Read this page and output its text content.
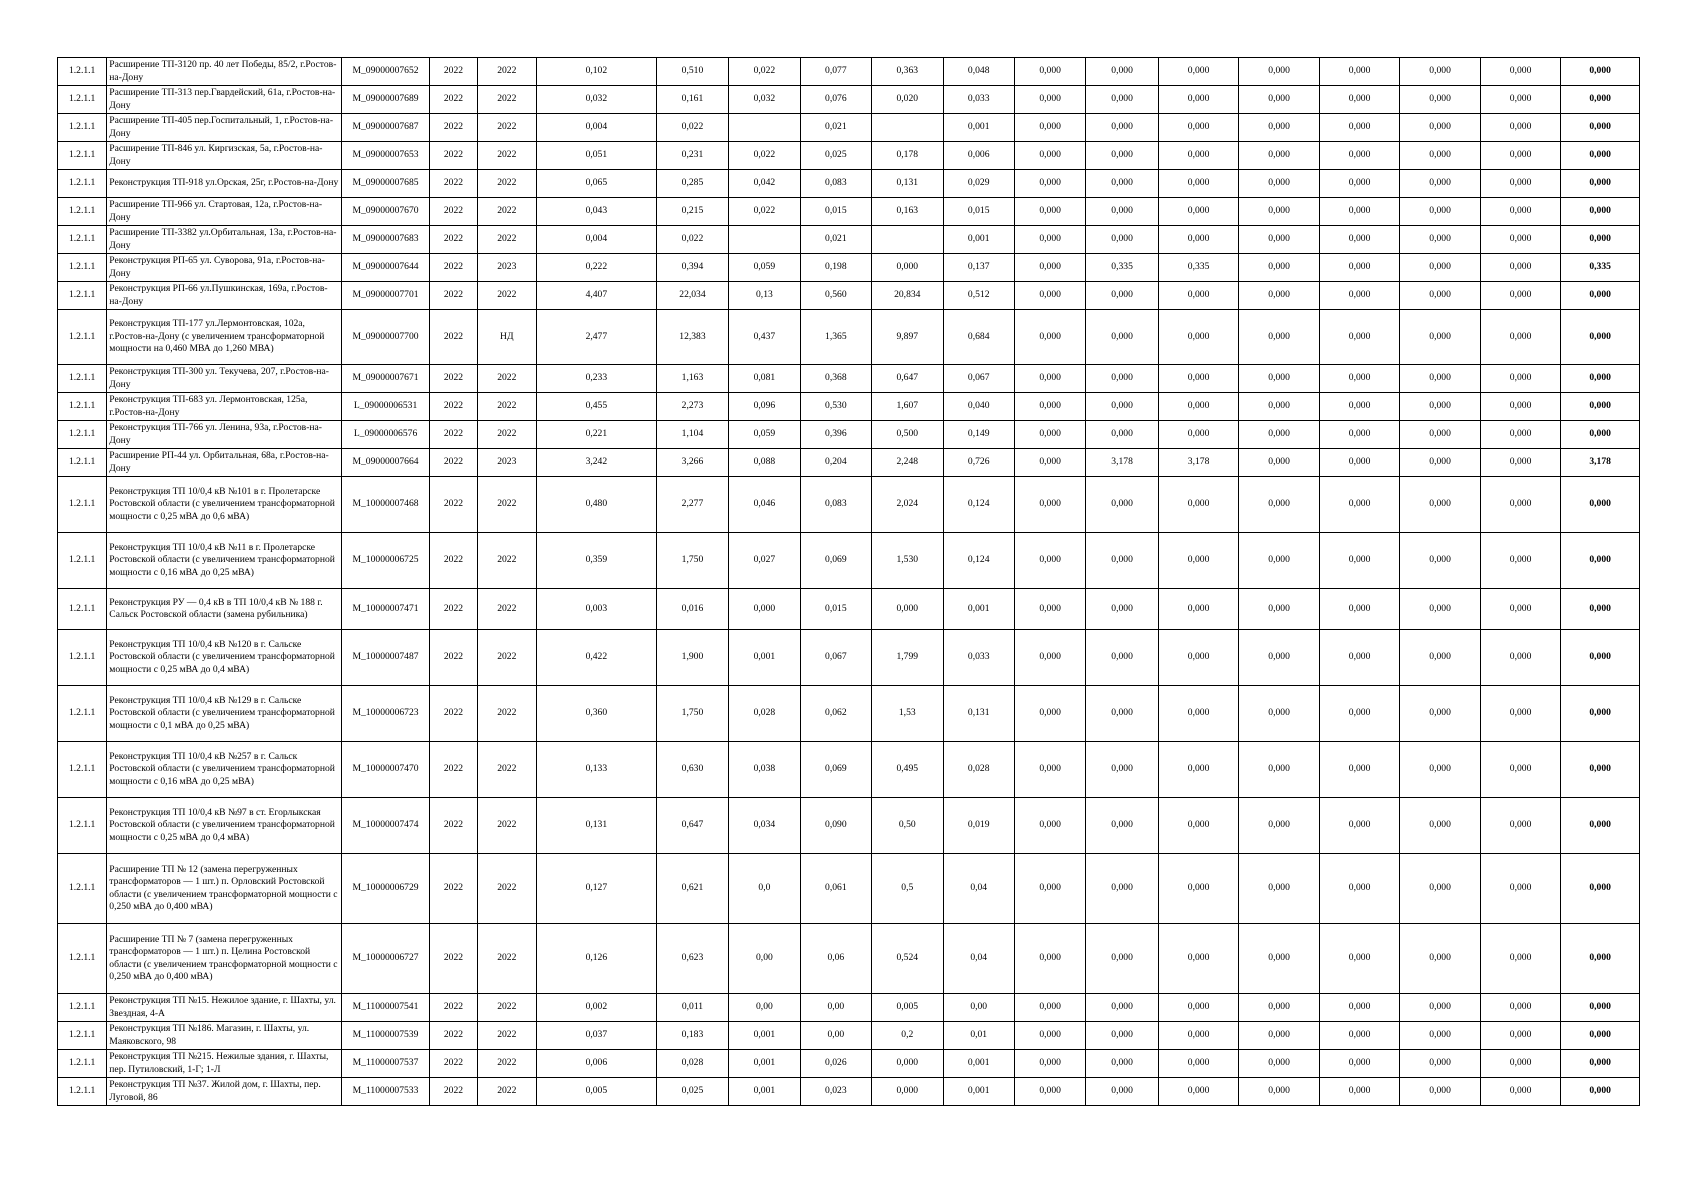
1.2.1.1	Расширение ТП-3120 пр. 40 лет Победы, 85/2, г.Ростов-на-Дону	M_09000007652	2022	2022	0,102	0,510	0,022	0,077	0,363	0,048	0,000	0,000	0,000	0,000	0,000	0,000	0,000	0,000
1.2.1.1	Расширение ТП-313 пер.Гвардейский, 61а, г.Ростов-на-Дону	M_09000007689	2022	2022	0,032	0,161	0,032	0,076	0,020	0,033	0,000	0,000	0,000	0,000	0,000	0,000	0,000	0,000
1.2.1.1	Расширение ТП-405 пер.Госпитальный, 1, г.Ростов-на-Дону	M_09000007687	2022	2022	0,004	0,022		0,021		0,001	0,000	0,000	0,000	0,000	0,000	0,000	0,000	0,000
1.2.1.1	Расширение ТП-846 ул. Киргизская, 5а, г.Ростов-на-Дону	M_09000007653	2022	2022	0,051	0,231	0,022	0,025	0,178	0,006	0,000	0,000	0,000	0,000	0,000	0,000	0,000	0,000
1.2.1.1	Реконструкция ТП-918 ул.Орская, 25г, г.Ростов-на-Дону	M_09000007685	2022	2022	0,065	0,285	0,042	0,083	0,131	0,029	0,000	0,000	0,000	0,000	0,000	0,000	0,000	0,000
1.2.1.1	Расширение ТП-966 ул. Стартовая, 12а, г.Ростов-на-Дону	M_09000007670	2022	2022	0,043	0,215	0,022	0,015	0,163	0,015	0,000	0,000	0,000	0,000	0,000	0,000	0,000	0,000
1.2.1.1	Расширение ТП-3382 ул.Орбитальная, 13а, г.Ростов-на-Дону	M_09000007683	2022	2022	0,004	0,022		0,021		0,001	0,000	0,000	0,000	0,000	0,000	0,000	0,000	0,000
1.2.1.1	Реконструкция РП-65 ул. Суворова, 91а, г.Ростов-на-Дону	M_09000007644	2022	2023	0,222	0,394	0,059	0,198	0,000	0,137	0,000	0,335	0,335	0,000	0,000	0,000	0,000	0,335
1.2.1.1	Реконструкция РП-66 ул.Пушкинская, 169а, г.Ростов-на-Дону	M_09000007701	2022	2022	4,407	22,034	0,13	0,560	20,834	0,512	0,000	0,000	0,000	0,000	0,000	0,000	0,000	0,000
1.2.1.1	Реконструкция ТП-177 ул.Лермонтовская, 102а, г.Ростов-на-Дону (с увеличением трансформаторной мощности на 0,460 МВА до 1,260 МВА)	M_09000007700	2022	НД	2,477	12,383	0,437	1,365	9,897	0,684	0,000	0,000	0,000	0,000	0,000	0,000	0,000	0,000
1.2.1.1	Реконструкция ТП-300 ул. Текучева, 207, г.Ростов-на-Дону	M_09000007671	2022	2022	0,233	1,163	0,081	0,368	0,647	0,067	0,000	0,000	0,000	0,000	0,000	0,000	0,000	0,000
1.2.1.1	Реконструкция ТП-683 ул. Лермонтовская, 125а, г.Ростов-на-Дону	L_09000006531	2022	2022	0,455	2,273	0,096	0,530	1,607	0,040	0,000	0,000	0,000	0,000	0,000	0,000	0,000	0,000
1.2.1.1	Реконструкция ТП-766 ул. Ленина, 93а, г.Ростов-на-Дону	L_09000006576	2022	2022	0,221	1,104	0,059	0,396	0,500	0,149	0,000	0,000	0,000	0,000	0,000	0,000	0,000	0,000
1.2.1.1	Расширение РП-44 ул. Орбитальная, 68а, г.Ростов-на-Дону	M_09000007664	2022	2023	3,242	3,266	0,088	0,204	2,248	0,726	0,000	3,178	3,178	0,000	0,000	0,000	0,000	3,178
1.2.1.1	Реконструкция ТП 10/0,4 кВ №101 в г. Пролетарске Ростовской области (с увеличением трансформаторной мощности с 0,25 мВА до 0,6 мВА)	M_10000007468	2022	2022	0,480	2,277	0,046	0,083	2,024	0,124	0,000	0,000	0,000	0,000	0,000	0,000	0,000	0,000
1.2.1.1	Реконструкция ТП 10/0,4 кВ №11 в г. Пролетарске Ростовской области (с увеличением трансформаторной мощности с 0,16 мВА до 0,25 мВА)	M_10000006725	2022	2022	0,359	1,750	0,027	0,069	1,530	0,124	0,000	0,000	0,000	0,000	0,000	0,000	0,000	0,000
1.2.1.1	Реконструкция РУ — 0,4 кВ в ТП 10/0,4 кВ № 188 г. Сальск Ростовской области (замена рубильника)	M_10000007471	2022	2022	0,003	0,016	0,000	0,015	0,000	0,001	0,000	0,000	0,000	0,000	0,000	0,000	0,000	0,000
1.2.1.1	Реконструкция ТП 10/0,4 кВ №120 в г. Сальске Ростовской области (с увеличением трансформаторной мощности с 0,25 мВА до 0,4 мВА)	M_10000007487	2022	2022	0,422	1,900	0,001	0,067	1,799	0,033	0,000	0,000	0,000	0,000	0,000	0,000	0,000	0,000
1.2.1.1	Реконструкция ТП 10/0,4 кВ №129 в г. Сальске Ростовской области (с увеличением трансформаторной мощности с 0,1 мВА до 0,25 мВА)	M_10000006723	2022	2022	0,360	1,750	0,028	0,062	1,53	0,131	0,000	0,000	0,000	0,000	0,000	0,000	0,000	0,000
1.2.1.1	Реконструкция ТП 10/0,4 кВ №257 в г. Сальск Ростовской области (с увеличением трансформаторной мощности с 0,16 мВА до 0,25 мВА)	M_10000007470	2022	2022	0,133	0,630	0,038	0,069	0,495	0,028	0,000	0,000	0,000	0,000	0,000	0,000	0,000	0,000
1.2.1.1	Реконструкция ТП 10/0,4 кВ №97 в ст. Егорлыкская Ростовской области (с увеличением трансформаторной мощности с 0,25 мВА до 0,4 мВА)	M_10000007474	2022	2022	0,131	0,647	0,034	0,090	0,50	0,019	0,000	0,000	0,000	0,000	0,000	0,000	0,000	0,000
1.2.1.1	Расширение ТП № 12 (замена перегруженных трансформаторов — 1 шт.) п. Орловский Ростовской области (с увеличением трансформаторной мощности с 0,250 мВА до 0,400 мВА)	M_10000006729	2022	2022	0,127	0,621	0,0	0,061	0,5	0,04	0,000	0,000	0,000	0,000	0,000	0,000	0,000	0,000
1.2.1.1	Расширение ТП № 7 (замена перегруженных трансформаторов — 1 шт.) п. Целина Ростовской области (с увеличением трансформаторной мощности с 0,250 мВА до 0,400 мВА)	M_10000006727	2022	2022	0,126	0,623	0,00	0,06	0,524	0,04	0,000	0,000	0,000	0,000	0,000	0,000	0,000	0,000
1.2.1.1	Реконструкция ТП №15. Нежилое здание, г. Шахты, ул. Звездная, 4-А	M_11000007541	2022	2022	0,002	0,011	0,00	0,00	0,005	0,00	0,000	0,000	0,000	0,000	0,000	0,000	0,000	0,000
1.2.1.1	Реконструкция ТП №186. Магазин, г. Шахты, ул. Маяковского, 98	M_11000007539	2022	2022	0,037	0,183	0,001	0,00	0,2	0,01	0,000	0,000	0,000	0,000	0,000	0,000	0,000	0,000
1.2.1.1	Реконструкция ТП №215. Нежилые здания, г. Шахты, пер. Путиловский, 1-Г; 1-Л	M_11000007537	2022	2022	0,006	0,028	0,001	0,026	0,000	0,001	0,000	0,000	0,000	0,000	0,000	0,000	0,000	0,000
1.2.1.1	Реконструкция ТП №37. Жилой дом, г. Шахты, пер. Луговой, 86	M_11000007533	2022	2022	0,005	0,025	0,001	0,023	0,000	0,001	0,000	0,000	0,000	0,000	0,000	0,000	0,000	0,000
